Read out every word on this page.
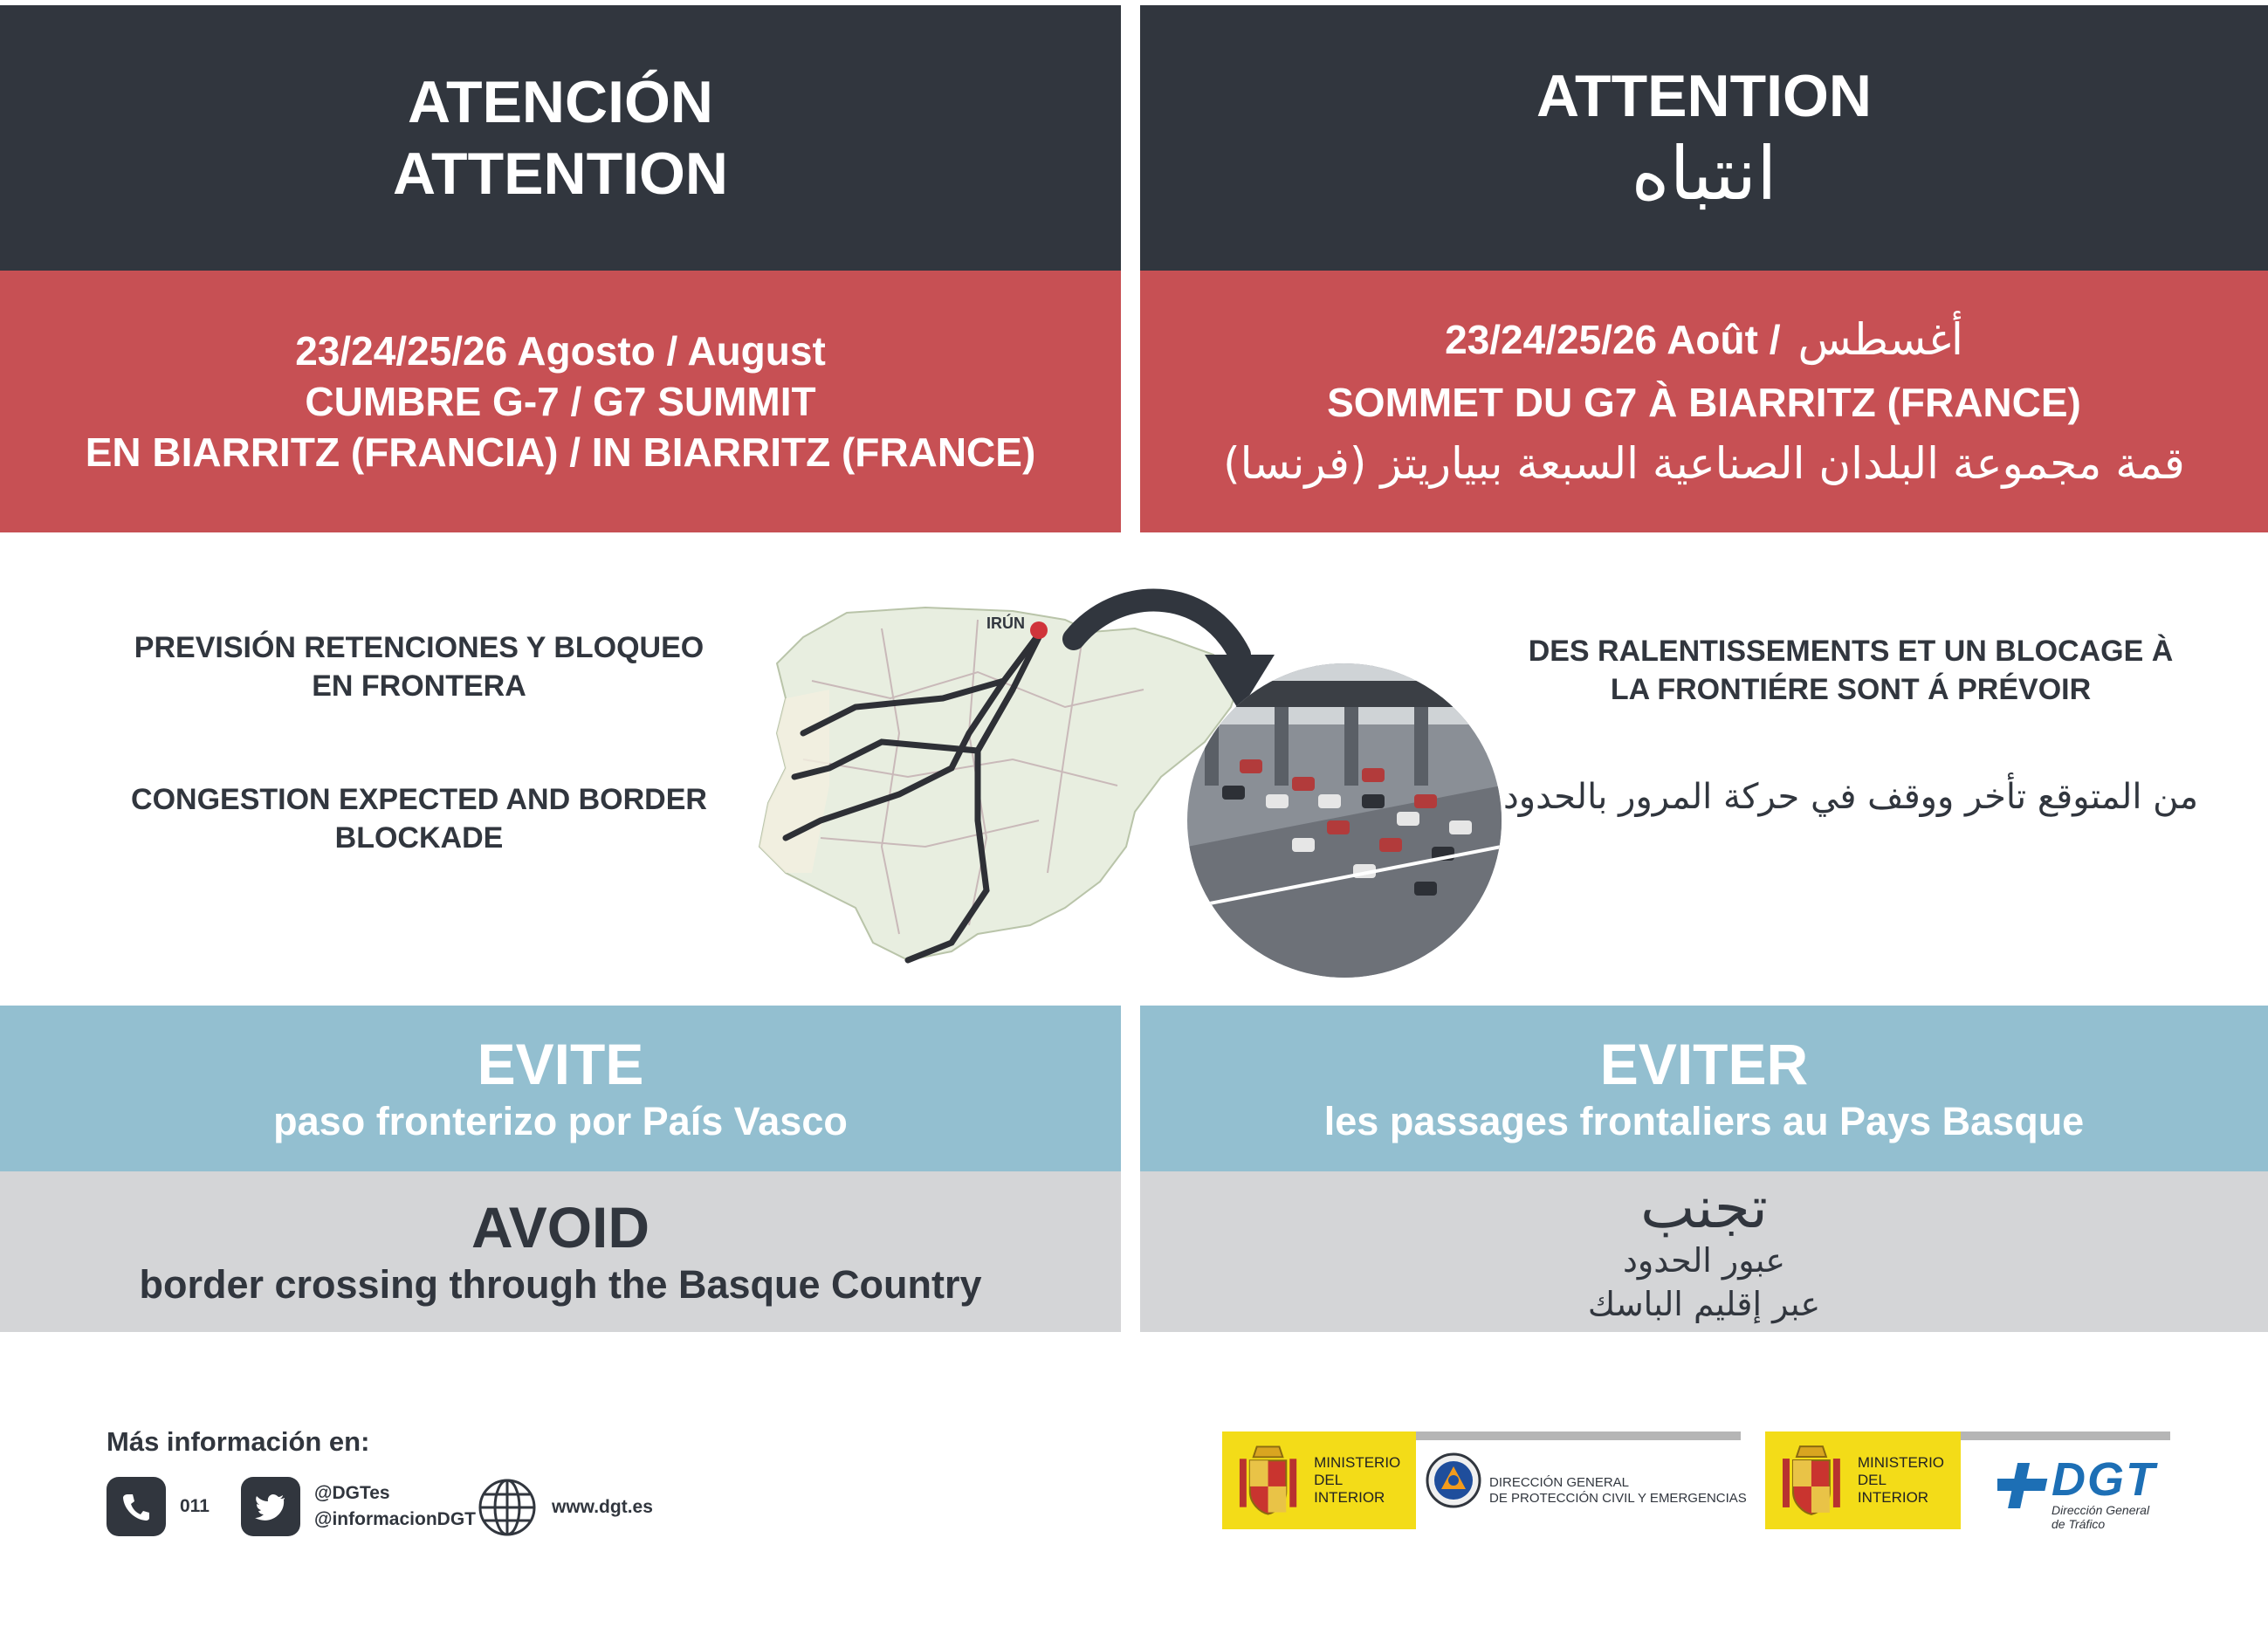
ATENCIÓN
ATTENTION
23/24/25/26 Agosto / August
CUMBRE G-7 / G7 SUMMIT
EN BIARRITZ (FRANCIA) / IN BIARRITZ (FRANCE)
ATTENTION
انتباه
23/24/25/26 Août / أغسطس
SOMMET DU G7 À BIARRITZ (FRANCE)
قمة مجموعة البلدان الصناعية السبعة ببياريتز (فرنسا)
PREVISIÓN RETENCIONES Y BLOQUEO EN FRONTERA
CONGESTION EXPECTED AND BORDER BLOCKADE
DES RALENTISSEMENTS ET UN BLOCAGE À LA FRONTIÉRE SONT Á PRÉVOIR
من المتوقع تأخر ووقف في حركة المرور بالحدود
IRÚN
EVITE
paso fronterizo por País Vasco
AVOID
border crossing through the Basque Country
EVITER
les passages frontaliers au Pays Basque
تجنب
عبور الحدود
عبر إقليم الباسك
Más información en:
011
@DGTes
@informacionDGT
www.dgt.es
MINISTERIO
DEL INTERIOR
DIRECCIÓN GENERAL
DE PROTECCIÓN CIVIL Y EMERGENCIAS
MINISTERIO
DEL INTERIOR	DGT
Dirección General
de Tráfico
